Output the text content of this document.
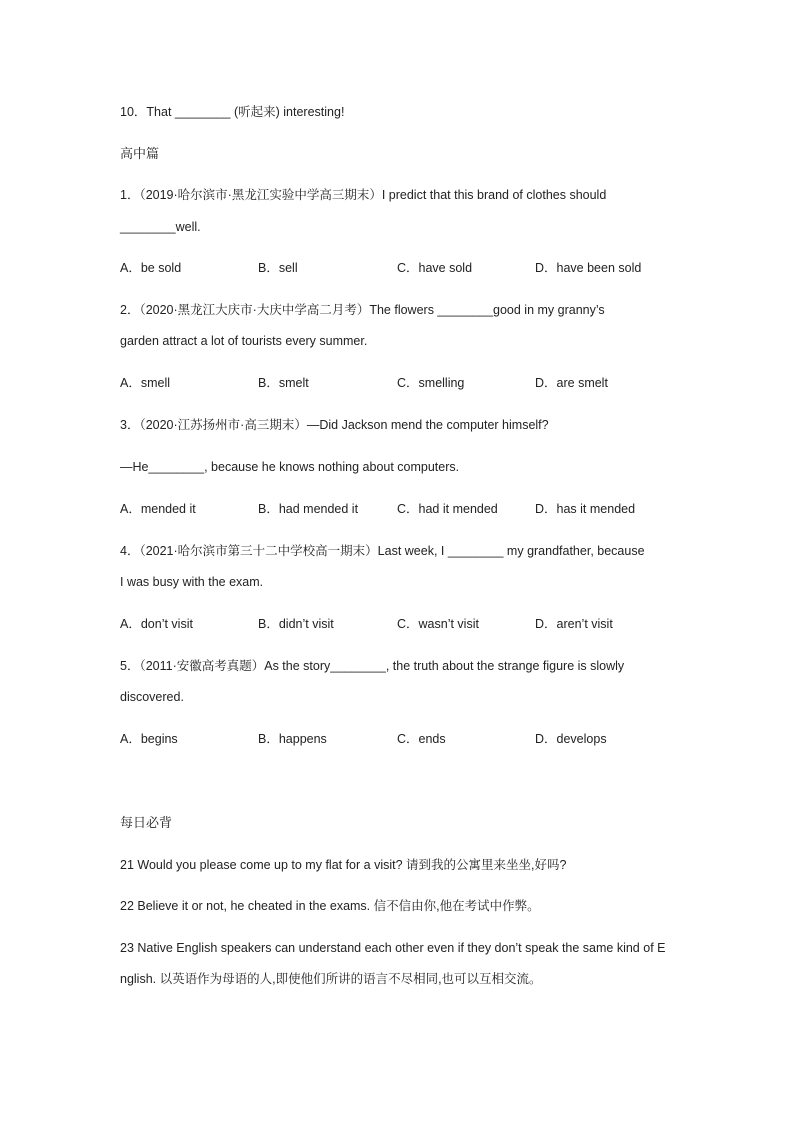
10．That ________ (听起来) interesting!
高中篇
1．（2019·哈尔滨市·黑龙江实验中学高三期末）I predict that this brand of clothes should
________well.
A．be sold	B．sell	C．have sold	D．have been sold
2．（2020·黑龙江大庆市·大庆中学高二月考）The flowers ________good in my granny’s
garden attract a lot of tourists every summer.
A．smell	B．smelt	C．smelling	D．are smelt
3．（2020·江苏扬州市·高三期末）—Did Jackson mend the computer himself?
—He________, because he knows nothing about computers.
A．mended it	B．had mended it	C．had it mended	D．has it mended
4．（2021·哈尔滨市第三十二中学校高一期末）Last week, I ________ my grandfather, because
I was busy with the exam.
A．don’t visit	B．didn’t visit	C．wasn’t visit	D．aren’t visit
5．（2011·安徽高考真题）As the story________, the truth about the strange figure is slowly
discovered.
A．begins	B．happens	C．ends	D．develops
每日必背
21 Would you please come up to my flat for a visit? 请到我的公寓里来坐坐,好吗?
22 Believe it or not, he cheated in the exams. 信不信由你,他在考试中作弊。
23 Native English speakers can understand each other even if they don’t speak the same kind of E
nglish. 以英语作为母语的人,即使他们所讲的语言不尽相同,也可以互相交流。
